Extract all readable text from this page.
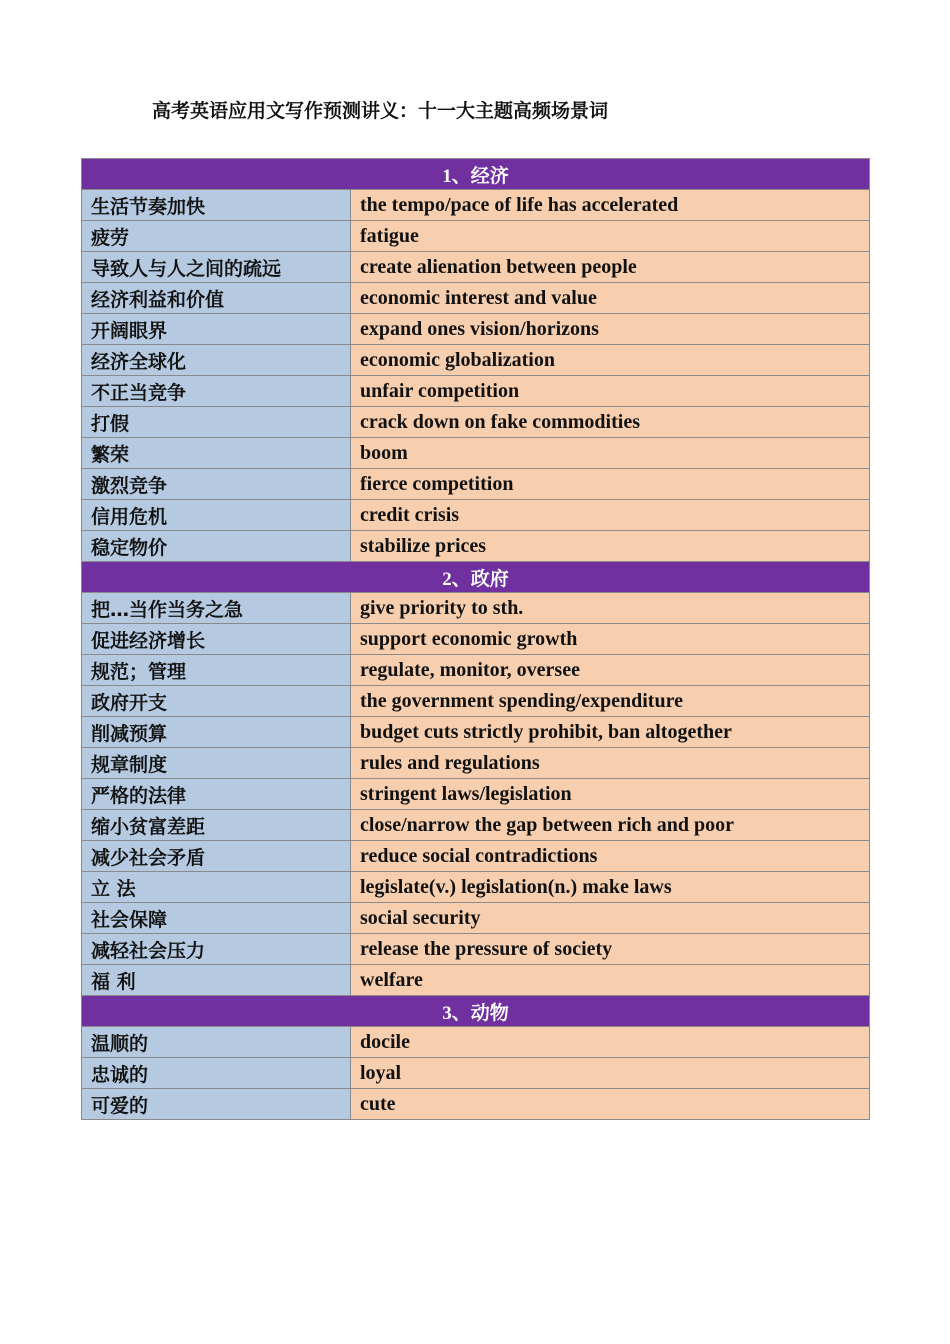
高考英语应用文写作预测讲义：十一大主题高频场景词
1、经济	
生活节奏加快	the tempo/pace of life has accelerated
疲劳	fatigue
导致人与人之间的疏远	create alienation between people
经济利益和价值	economic interest and value
开阔眼界	expand ones vision/horizons
经济全球化	economic globalization
不正当竞争	unfair competition
打假	crack down on fake commodities
繁荣	boom
激烈竞争	fierce competition
信用危机	credit crisis
稳定物价	stabilize prices
2、政府	
把…当作当务之急	give priority to sth.
促进经济增长	support economic growth
规范；管理	regulate, monitor, oversee
政府开支	the government spending/expenditure
削减预算	budget cuts strictly prohibit, ban altogether
规章制度	rules and regulations
严格的法律	stringent laws/legislation
缩小贫富差距	close/narrow the gap between rich and poor
减少社会矛盾	reduce social contradictions
立 法	legislate(v.) legislation(n.) make laws
社会保障	social security
减轻社会压力	release the pressure of society
福 利	welfare
3、动物	
温顺的	docile
忠诚的	loyal
可爱的	cute
